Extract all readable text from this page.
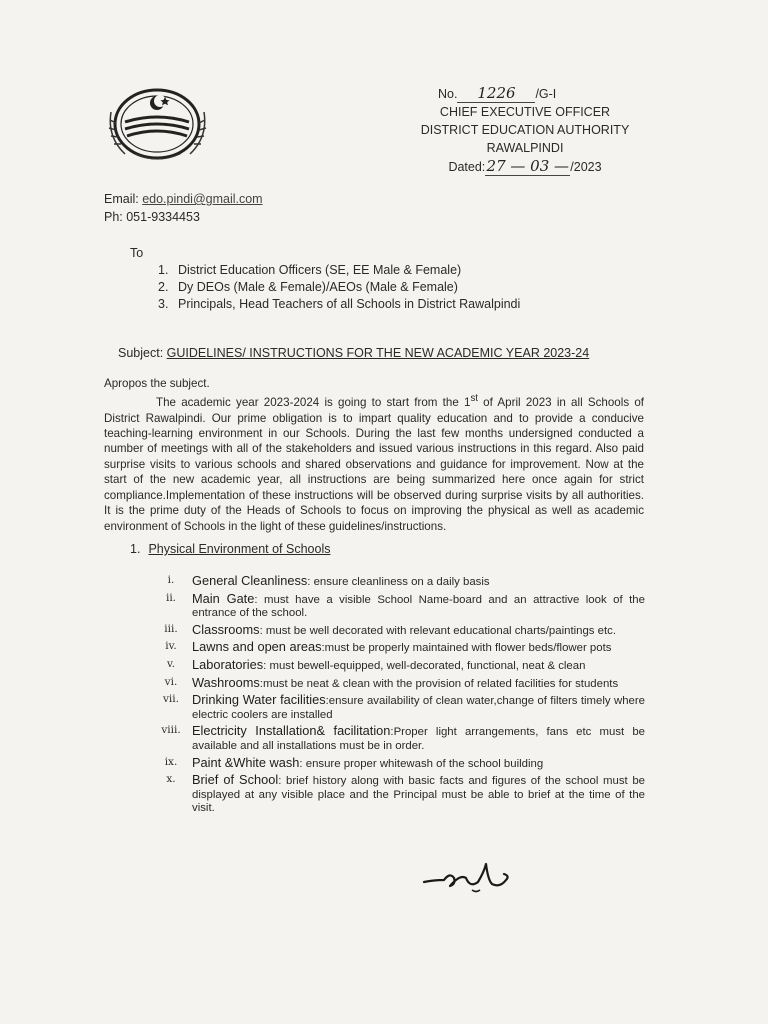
No. 1226 /G-I
CHIEF EXECUTIVE OFFICER
DISTRICT EDUCATION AUTHORITY
RAWALPINDI
Dated:27 — 03 —/2023
Email: edo.pindi@gmail.com
Ph: 051-9334453
To
1. District Education Officers (SE, EE Male & Female)
2. Dy DEOs (Male & Female)/AEOs (Male & Female)
3. Principals, Head Teachers of all Schools in District Rawalpindi
Subject: GUIDELINES/ INSTRUCTIONS FOR THE NEW ACADEMIC YEAR 2023-24

Apropos the subject.

The academic year 2023-2024 is going to start from the 1st of April 2023 in all Schools of District Rawalpindi. Our prime obligation is to impart quality education and to provide a conducive teaching-learning environment in our Schools. During the last few months undersigned conducted a number of meetings with all of the stakeholders and issued various instructions in this regard. Also paid surprise visits to various schools and shared observations and guidance for improvement. Now at the start of the new academic year, all instructions are being summarized here once again for strict compliance.Implementation of these instructions will be observed during surprise visits by all authorities. It is the prime duty of the Heads of Schools to focus on improving the physical as well as academic environment of Schools in the light of these guidelines/instructions.

1. Physical Environment of Schools
i.	General Cleanliness: ensure cleanliness on a daily basis
ii.	Main Gate: must have a visible School Name-board and an attractive look of the entrance of the school.
iii.	Classrooms: must be well decorated with relevant educational charts/paintings etc.
iv.	Lawns and open areas:must be properly maintained with flower beds/flower pots
v.	Laboratories: must bewell-equipped, well-decorated, functional, neat & clean
vi.	Washrooms:must be neat & clean with the provision of related facilities for students
vii.	Drinking Water facilities:ensure availability of clean water,change of filters timely where electric coolers are installed
viii. Electricity Installation& facilitation:Proper light arrangements, fans etc must be available and all installations must be in order.
ix.	Paint &White wash: ensure proper whitewash of the school building
x.	Brief of School: brief history along with basic facts and figures of the school must be displayed at any visible place and the Principal must be able to brief at the time of the visit.
